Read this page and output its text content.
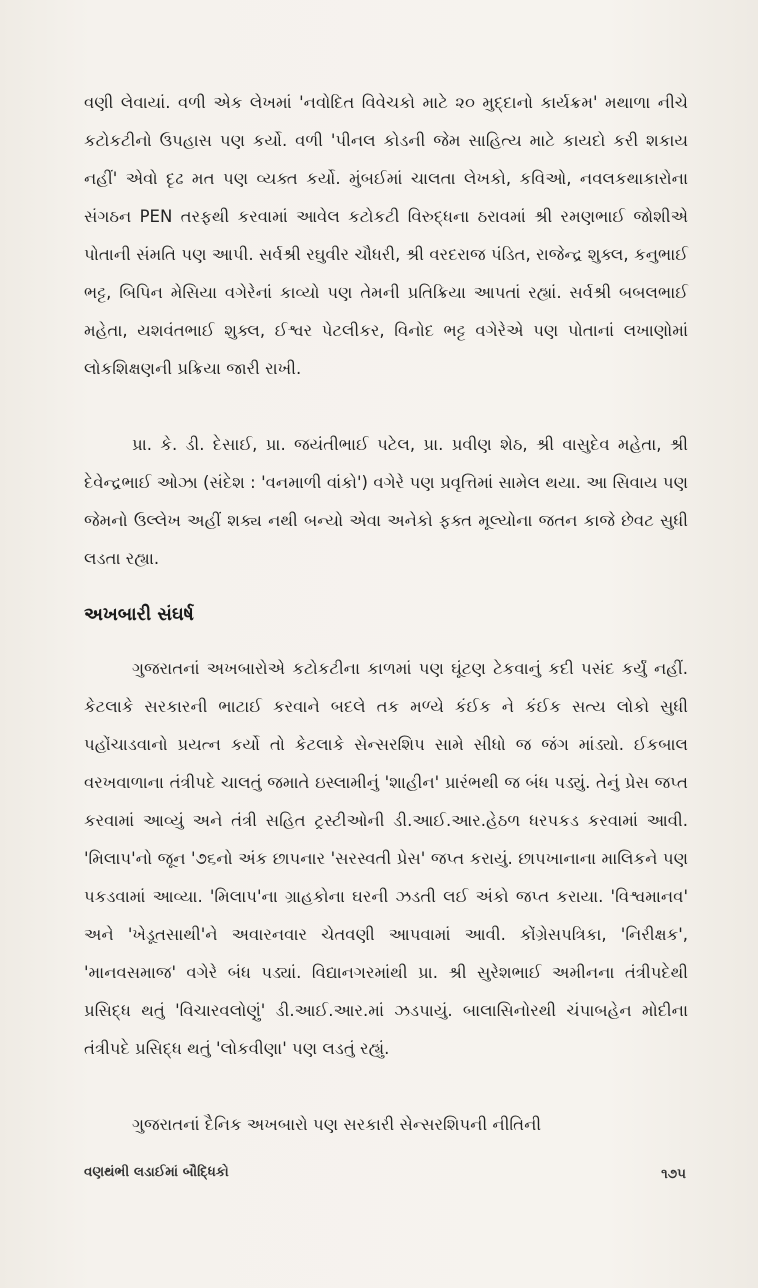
વણી લેવાયાં. વળી એક લેખમાં 'નવોદિત વિવેચકો માટે ૨૦ મુદ્દાનો કાર્યક્રમ' મથાળા નીચે કટોકટીનો ઉપહાસ પણ કર્યો. વળી 'પીનલ કોડની જેમ સાહિત્ય માટે કાયદો કરી શકાય નહીં' એવો દૃઢ મત પણ વ્યક્ત કર્યો. મુંબઈમાં ચાલતા લેખકો, કવિઓ, નવલકથાકારોના સંગઠન PEN તરફથી કરવામાં આવેલ કટોકટી વિરુદ્ધના ઠરાવમાં શ્રી રમણભાઈ જોશીએ પોતાની સંમતિ પણ આપી. સર્વશ્રી રઘુવીર ચૌધરી, શ્રી વરદરાજ પંડિત, રાજેન્દ્ર શુક્લ, કનુભાઈ ભટ્ટ, બિપિન મેસિયા વગેરેનાં કાવ્યો પણ તેમની પ્રતિક્રિયા આપતાં રહ્યાં. સર્વશ્રી બબલભાઈ મહેતા, યશવંતભાઈ શુક્લ, ઈશ્વર પેટલીકર, વિનોદ ભટ્ટ વગેરેએ પણ પોતાનાં લખાણોમાં લોકશિક્ષણની પ્રક્રિયા જારી રાખી.

પ્રા. કે. ડી. દેસાઈ, પ્રા. જયંતીભાઈ પટેલ, પ્રા. પ્રવીણ શેઠ, શ્રી વાસુદેવ મહેતા, શ્રી દેવેન્દ્રભાઈ ઓઝા (સંદેશ : 'વનમાળી વાંકો') વગેરે પણ પ્રવૃત્તિમાં સામેલ થયા. આ સિવાય પણ જેમનો ઉલ્લેખ અહીં શક્ય નથી બન્યો એવા અનેકો ફક્ત મૂલ્યોના જતન કાજે છેવટ સુધી લડતા રહ્યા.

અખબારી સંઘર્ષ

ગુજરાતનાં અખબારોએ કટોકટીના કાળમાં પણ ઘૂંટણ ટેકવાનું કદી પસંદ કર્યું નહીં. કેટલાકે સરકારની ભાટાઈ કરવાને બદલે તક મળ્યે કંઈક ને કંઈક સત્ય લોકો સુધી પહોંચાડવાનો પ્રયત્ન કર્યો તો કેટલાકે સેન્સરશિપ સામે સીધો જ જંગ માંડ્યો. ઈકબાલ વરખવાળાના તંત્રીપદે ચાલતું જમાતે ઇસ્લામીનું 'શાહીન' પ્રારંભથી જ બંધ પડ્યું. તેનું પ્રેસ જપ્ત કરવામાં આવ્યું અને તંત્રી સહિત ટ્રસ્ટીઓની ડી.આઈ.આર.હેઠળ ધરપકડ કરવામાં આવી. 'મિલાપ'નો જૂન '૭૬નો અંક છાપનાર 'સરસ્વતી પ્રેસ' જપ્ત કરાયું. છાપખાનાના માલિકને પણ પકડવામાં આવ્યા. 'મિલાપ'ના ગ્રાહકોના ઘરની ઝડતી લઈ અંકો જપ્ત કરાયા. 'વિશ્વમાનવ' અને 'ખેડૂતસાથી'ને અવારનવાર ચેતવણી આપવામાં આવી. કોંગ્રેસપત્રિકા, 'નિરીક્ષક', 'માનવસમાજ' વગેરે બંધ પડ્યાં. વિદ્યાનગરમાંથી પ્રા. શ્રી સુરેશભાઈ અમીનના તંત્રીપદેથી પ્રસિદ્ધ થતું 'વિચારવલોણું' ડી.આઈ.આર.માં ઝડપાયું. બાલાસિનોરથી ચંપાબહેન મોદીના તંત્રીપદે પ્રસિદ્ધ થતું 'લોકવીણા' પણ લડતું રહ્યું.

ગુજરાતનાં દૈનિક અખબારો પણ સરકારી સેન્સરશિપની નીતિની

વણથંભી લડાઈમાં બૌદ્ધિકો	૧૭૫
